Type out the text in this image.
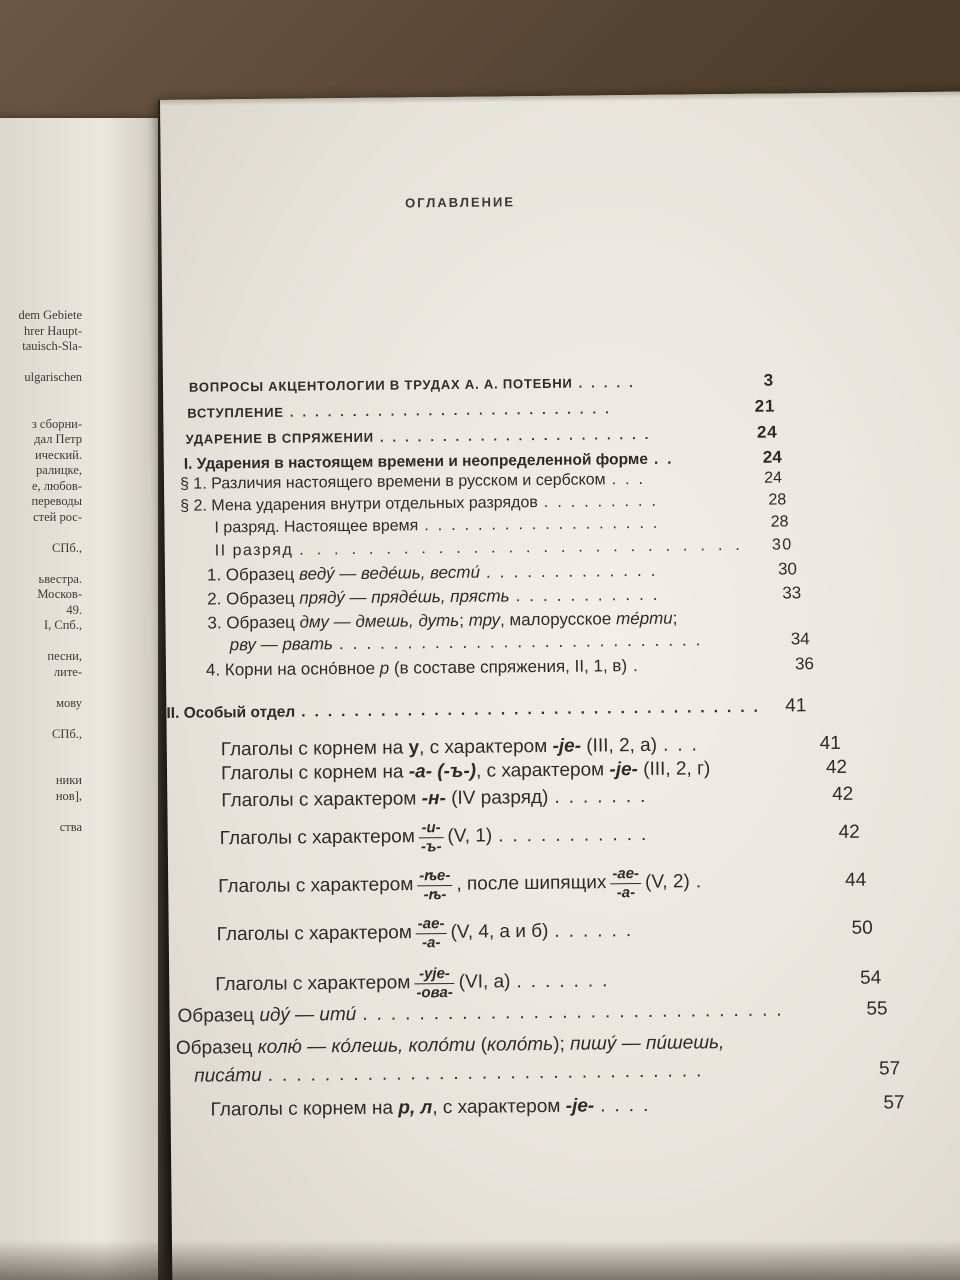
dem Gebiete
hrer Haupt-
tauisch-Sla-
ulgarischen
з сборни-
дал Петр
ический.
ралицке,
е, любов-
переводы
стей рос-
СПб.,
ьвестра.
Москов-
49.
I, Спб.,
песни,
лите-
мову
СПб.,
ники
нов],
ства
ОГЛАВЛЕНИЕ
ВОПРОСЫ АКЦЕНТОЛОГИИ В ТРУДАХ А. А. ПОТЕБНИ .....	3
ВСТУПЛЕНИЕ ..........................	21
УДАРЕНИЕ В СПРЯЖЕНИИ ......................	24
I. Ударения в настоящем времени и неопределенной форме ..	24
§ 1. Различия настоящего времени в русском и сербском ...	24
§ 2. Мена ударения внутри отдельных разрядов .........	28
I разряд. Настоящее время ..................	28
II разряд ..........................	30
1. Образец веду́ — веде́шь, вести́ .............	30
2. Образец пряду́ — пряде́шь, прясть ...........	33
3. Образец дму — дмешь, дуть; тру, малорусское те́рти;
рву — рвать ...........................	34
4. Корни на осно́вное р (в составе спряжения, II, 1, в) .	36
II. Особый отдел ................................... 41
Глаголы с корнем на у, с характером -je- (III, 2, а) ...	41
Глаголы с корнем на -a- (-ъ-), с характером -je- (III, 2, г)	42
Глаголы с характером -н- (IV разряд) .......	42
Глаголы с характером $\frac{-и-}{-ъ-} (V$, 1) ...........	42
Глаголы с характером $\frac{-ѣе-}{-ѣ-}$ , после шипящих $\frac{-ае-}{-а-} (V$, 2) .	44
Глаголы с характером $\frac{-ае-}{-а-} (V$, 4, а и б) ......	50
Глаголы с характером $\frac{\text{-yje-}}{\text{-ова-}} (VI$, а) .......	54
Образец иду́ — ити́ ..............................	55
Образец колю́ — ко́лешь, коло́ти (коло́ть); пишу́ — пи́шешь,
писа́ти ...............................	57
Глаголы с корнем на р, л, с характером -je- ....	57
